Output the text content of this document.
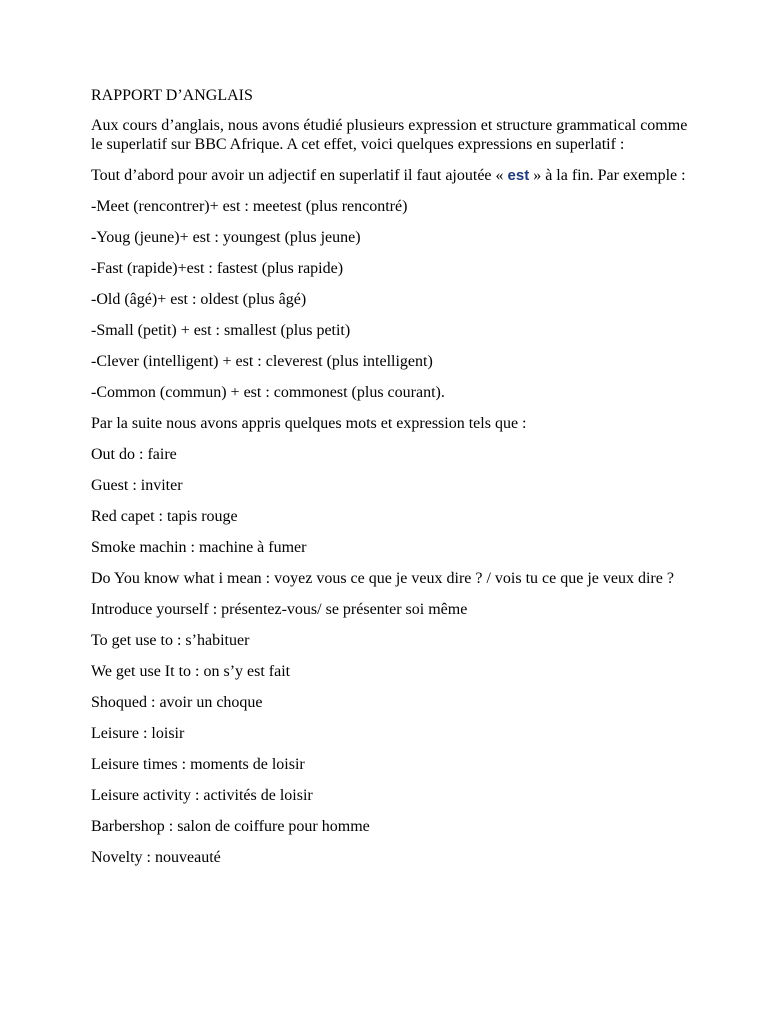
RAPPORT D’ANGLAIS
Aux cours d’anglais, nous avons étudié plusieurs expression et structure grammatical comme le superlatif sur BBC Afrique. A cet effet, voici quelques expressions en superlatif :
Tout d’abord pour avoir un adjectif en superlatif il faut ajoutée « est » à la fin. Par exemple :
-Meet (rencontrer)+ est : meetest (plus rencontré)
-Youg (jeune)+ est : youngest (plus jeune)
-Fast (rapide)+est : fastest (plus rapide)
-Old (âgé)+ est : oldest (plus âgé)
-Small (petit) + est : smallest (plus petit)
-Clever (intelligent) + est : cleverest (plus intelligent)
-Common (commun) + est : commonest (plus courant).
Par la suite nous avons appris quelques mots et expression tels que :
Out do : faire
Guest : inviter
Red capet : tapis rouge
Smoke machin : machine à fumer
Do You know what i mean : voyez vous ce que je veux dire ? / vois tu ce que je veux dire ?
Introduce yourself : présentez-vous/ se présenter soi même
To get use to : s’habituer
We get use It to : on s’y est fait
Shoqued : avoir un choque
Leisure : loisir
Leisure times : moments de loisir
Leisure activity : activités de loisir
Barbershop : salon de coiffure pour homme
Novelty : nouveauté
